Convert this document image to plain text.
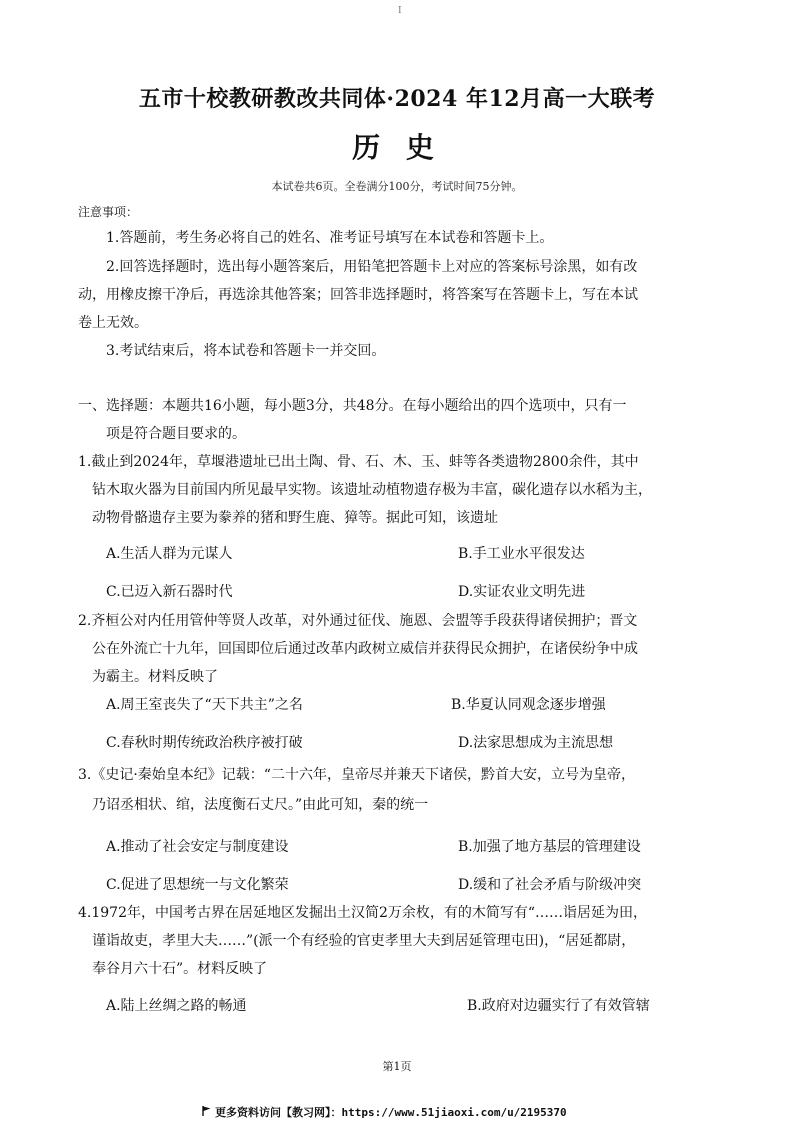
I
五市十校教研教改共同体·2024 年12月高一大联考
历 史
本试卷共6页。全卷满分100分，考试时间75分钟。
注意事项：
1.答题前，考生务必将自己的姓名、准考证号填写在本试卷和答题卡上。
2.回答选择题时，选出每小题答案后，用铅笔把答题卡上对应的答案标号涂黑，如有改
动，用橡皮擦干净后，再选涂其他答案；回答非选择题时，将答案写在答题卡上，写在本试
卷上无效。
3.考试结束后，将本试卷和答题卡一并交回。
一、选择题：本题共16小题，每小题3分，共48分。在每小题给出的四个选项中，只有一
项是符合题目要求的。
1.截止到2024年，草堰港遗址已出土陶、骨、石、木、玉、蚌等各类遗物2800余件，其中
钻木取火器为目前国内所见最早实物。该遗址动植物遗存极为丰富，碳化遗存以水稻为主，
动物骨骼遗存主要为豢养的猪和野生鹿、獐等。据此可知，该遗址
A.生活人群为元谋人	B.手工业水平很发达
C.已迈入新石器时代	D.实证农业文明先进
2.齐桓公对内任用管仲等贤人改革，对外通过征伐、施恩、会盟等手段获得诸侯拥护；晋文
公在外流亡十九年，回国即位后通过改革内政树立威信并获得民众拥护，在诸侯纷争中成
为霸主。材料反映了
A.周王室丧失了“天下共主”之名	B.华夏认同观念逐步增强
C.春秋时期传统政治秩序被打破	D.法家思想成为主流思想
3.《史记·秦始皇本纪》记载：“二十六年，皇帝尽并兼天下诸侯，黔首大安，立号为皇帝，
乃诏丞相状、绾，法度衡石丈尺。”由此可知，秦的统一
A.推动了社会安定与制度建设	B.加强了地方基层的管理建设
C.促进了思想统一与文化繁荣	D.缓和了社会矛盾与阶级冲突
4.1972年，中国考古界在居延地区发掘出土汉简2万余枚，有的木简写有“……诣居延为田，
谨诣故吏，孝里大夫……”(派一个有经验的官吏孝里大夫到居延管理屯田)，“居延都尉，
奉谷月六十石”。材料反映了
A.陆上丝绸之路的畅通	B.政府对边疆实行了有效管辖
第1页
更多资料访问【教习网】：https://www.51jiaoxi.com/u/2195370
